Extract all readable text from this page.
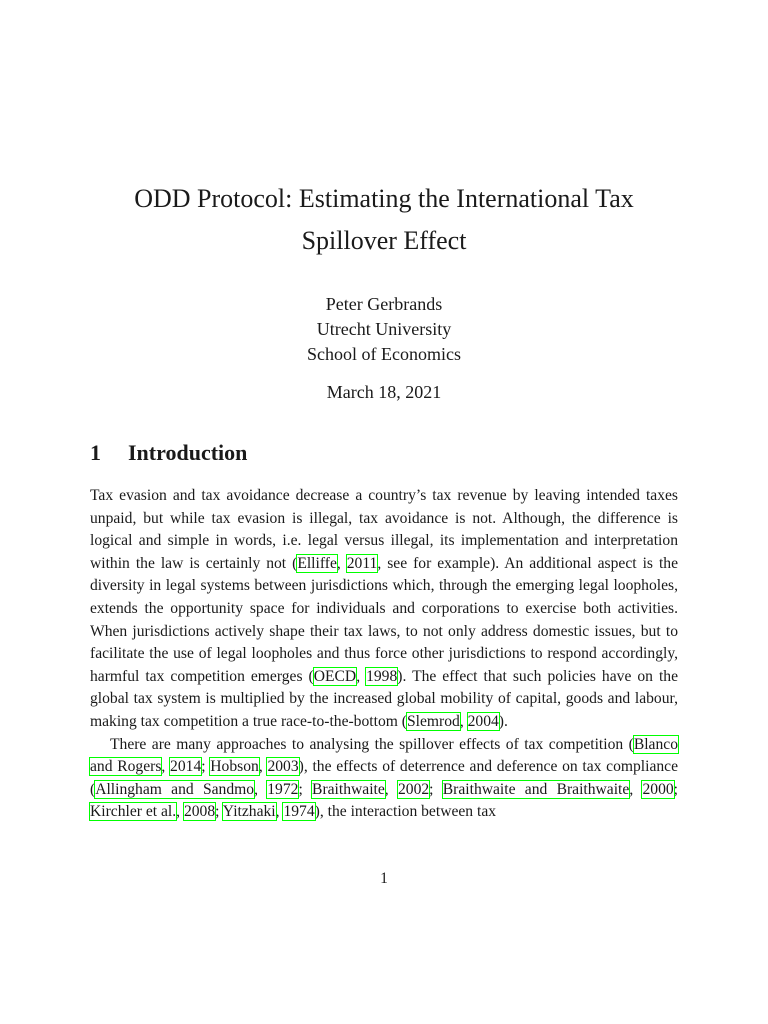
ODD Protocol: Estimating the International Tax
Spillover Effect
Peter Gerbrands
Utrecht University
School of Economics
March 18, 2021
1 Introduction

Tax evasion and tax avoidance decrease a country’s tax revenue by leaving intended taxes unpaid, but while tax evasion is illegal, tax avoidance is not. Although, the difference is logical and simple in words, i.e. legal versus illegal, its implementation and interpretation within the law is certainly not (Elliffe, 2011, see for example). An additional aspect is the diversity in legal systems between jurisdictions which, through the emerging legal loopholes, extends the opportunity space for individuals and corporations to exercise both activities. When jurisdictions actively shape their tax laws, to not only address domestic issues, but to facilitate the use of legal loopholes and thus force other jurisdictions to respond accordingly, harmful tax competition emerges (OECD, 1998). The effect that such policies have on the global tax system is multiplied by the increased global mobility of capital, goods and labour, making tax competition a true race-to-the-bottom (Slemrod, 2004).

There are many approaches to analysing the spillover effects of tax competition (Blanco and Rogers, 2014; Hobson, 2003), the effects of deterrence and deference on tax compliance (Allingham and Sandmo, 1972; Braithwaite, 2002; Braithwaite and Braithwaite, 2000; Kirchler et al., 2008; Yitzhaki, 1974), the interaction between tax

1
